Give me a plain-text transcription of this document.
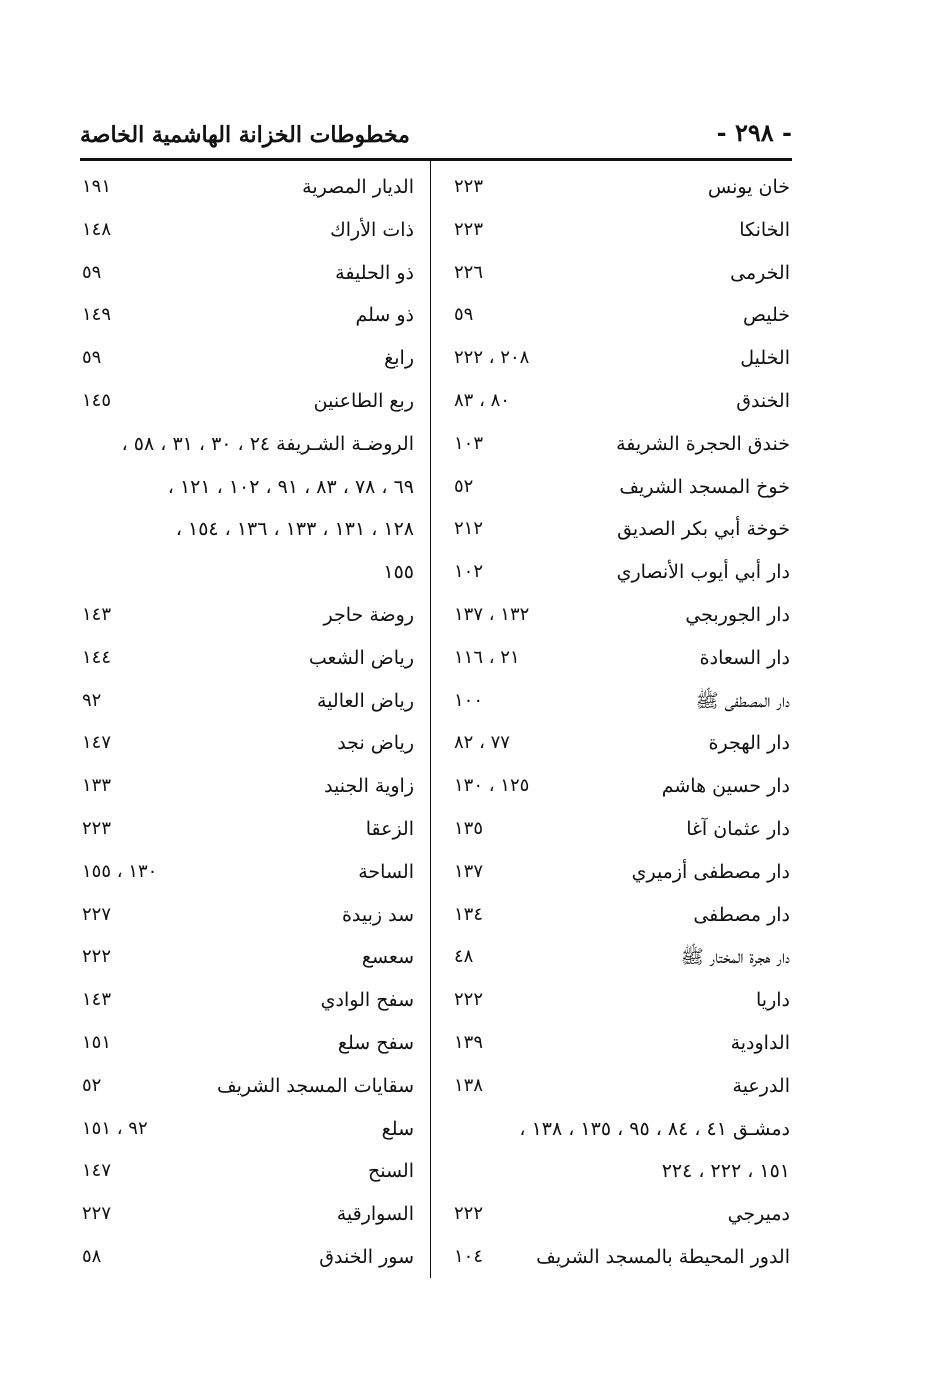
- ٢٩٨ -
مخطوطات الخزانة الهاشمية الخاصة
خان يونس
٢٢٣
الخانكا
٢٢٣
الخرمى
٢٢٦
خليص
٥٩
الخليل
٢٠٨ ، ٢٢٢
الخندق
٨٠ ، ٨٣
خندق الحجرة الشريفة
١٠٣
خوخ المسجد الشريف
٥٢
خوخة أبي بكر الصديق
٢١٢
دار أبي أيوب الأنصاري
١٠٢
دار الجوربجي
١٣٢ ، ١٣٧
دار السعادة
٢١ ، ١١٦
دار المصطفى ﷺ
١٠٠
دار الهجرة
٧٧ ، ٨٢
دار حسين هاشم
١٢٥ ، ١٣٠
دار عثمان آغا
١٣٥
دار مصطفى أزميري
١٣٧
دار مصطفى
١٣٤
دار هجرة المختار ﷺ
٤٨
داريا
٢٢٢
الداودية
١٣٩
الدرعية
١٣٨
دمشـق ٤١ ، ٨٤ ، ٩٥ ، ١٣٥ ، ١٣٨ ،
١٥١ ، ٢٢٢ ، ٢٢٤
دميرجي
٢٢٢
الدور المحيطة بالمسجد الشريف
١٠٤
الديار المصرية
١٩١
ذات الأراك
١٤٨
ذو الحليفة
٥٩
ذو سلم
١٤٩
رابغ
٥٩
ربع الطاعنين
١٤٥
الروضـة الشـريفة ٢٤ ، ٣٠ ، ٣١ ، ٥٨ ،
٦٩ ، ٧٨ ، ٨٣ ، ٩١ ، ١٠٢ ، ١٢١ ،
١٢٨ ، ١٣١ ، ١٣٣ ، ١٣٦ ، ١٥٤ ،
١٥٥
روضة حاجر
١٤٣
رياض الشعب
١٤٤
رياض العالية
٩٢
رياض نجد
١٤٧
زاوية الجنيد
١٣٣
الزعقا
٢٢٣
الساحة
١٣٠ ، ١٥٥
سد زبيدة
٢٢٧
سعسع
٢٢٢
سفح الوادي
١٤٣
سفح سلع
١٥١
سقايات المسجد الشريف
٥٢
سلع
٩٢ ، ١٥١
السنح
١٤٧
السوارقية
٢٢٧
سور الخندق
٥٨
